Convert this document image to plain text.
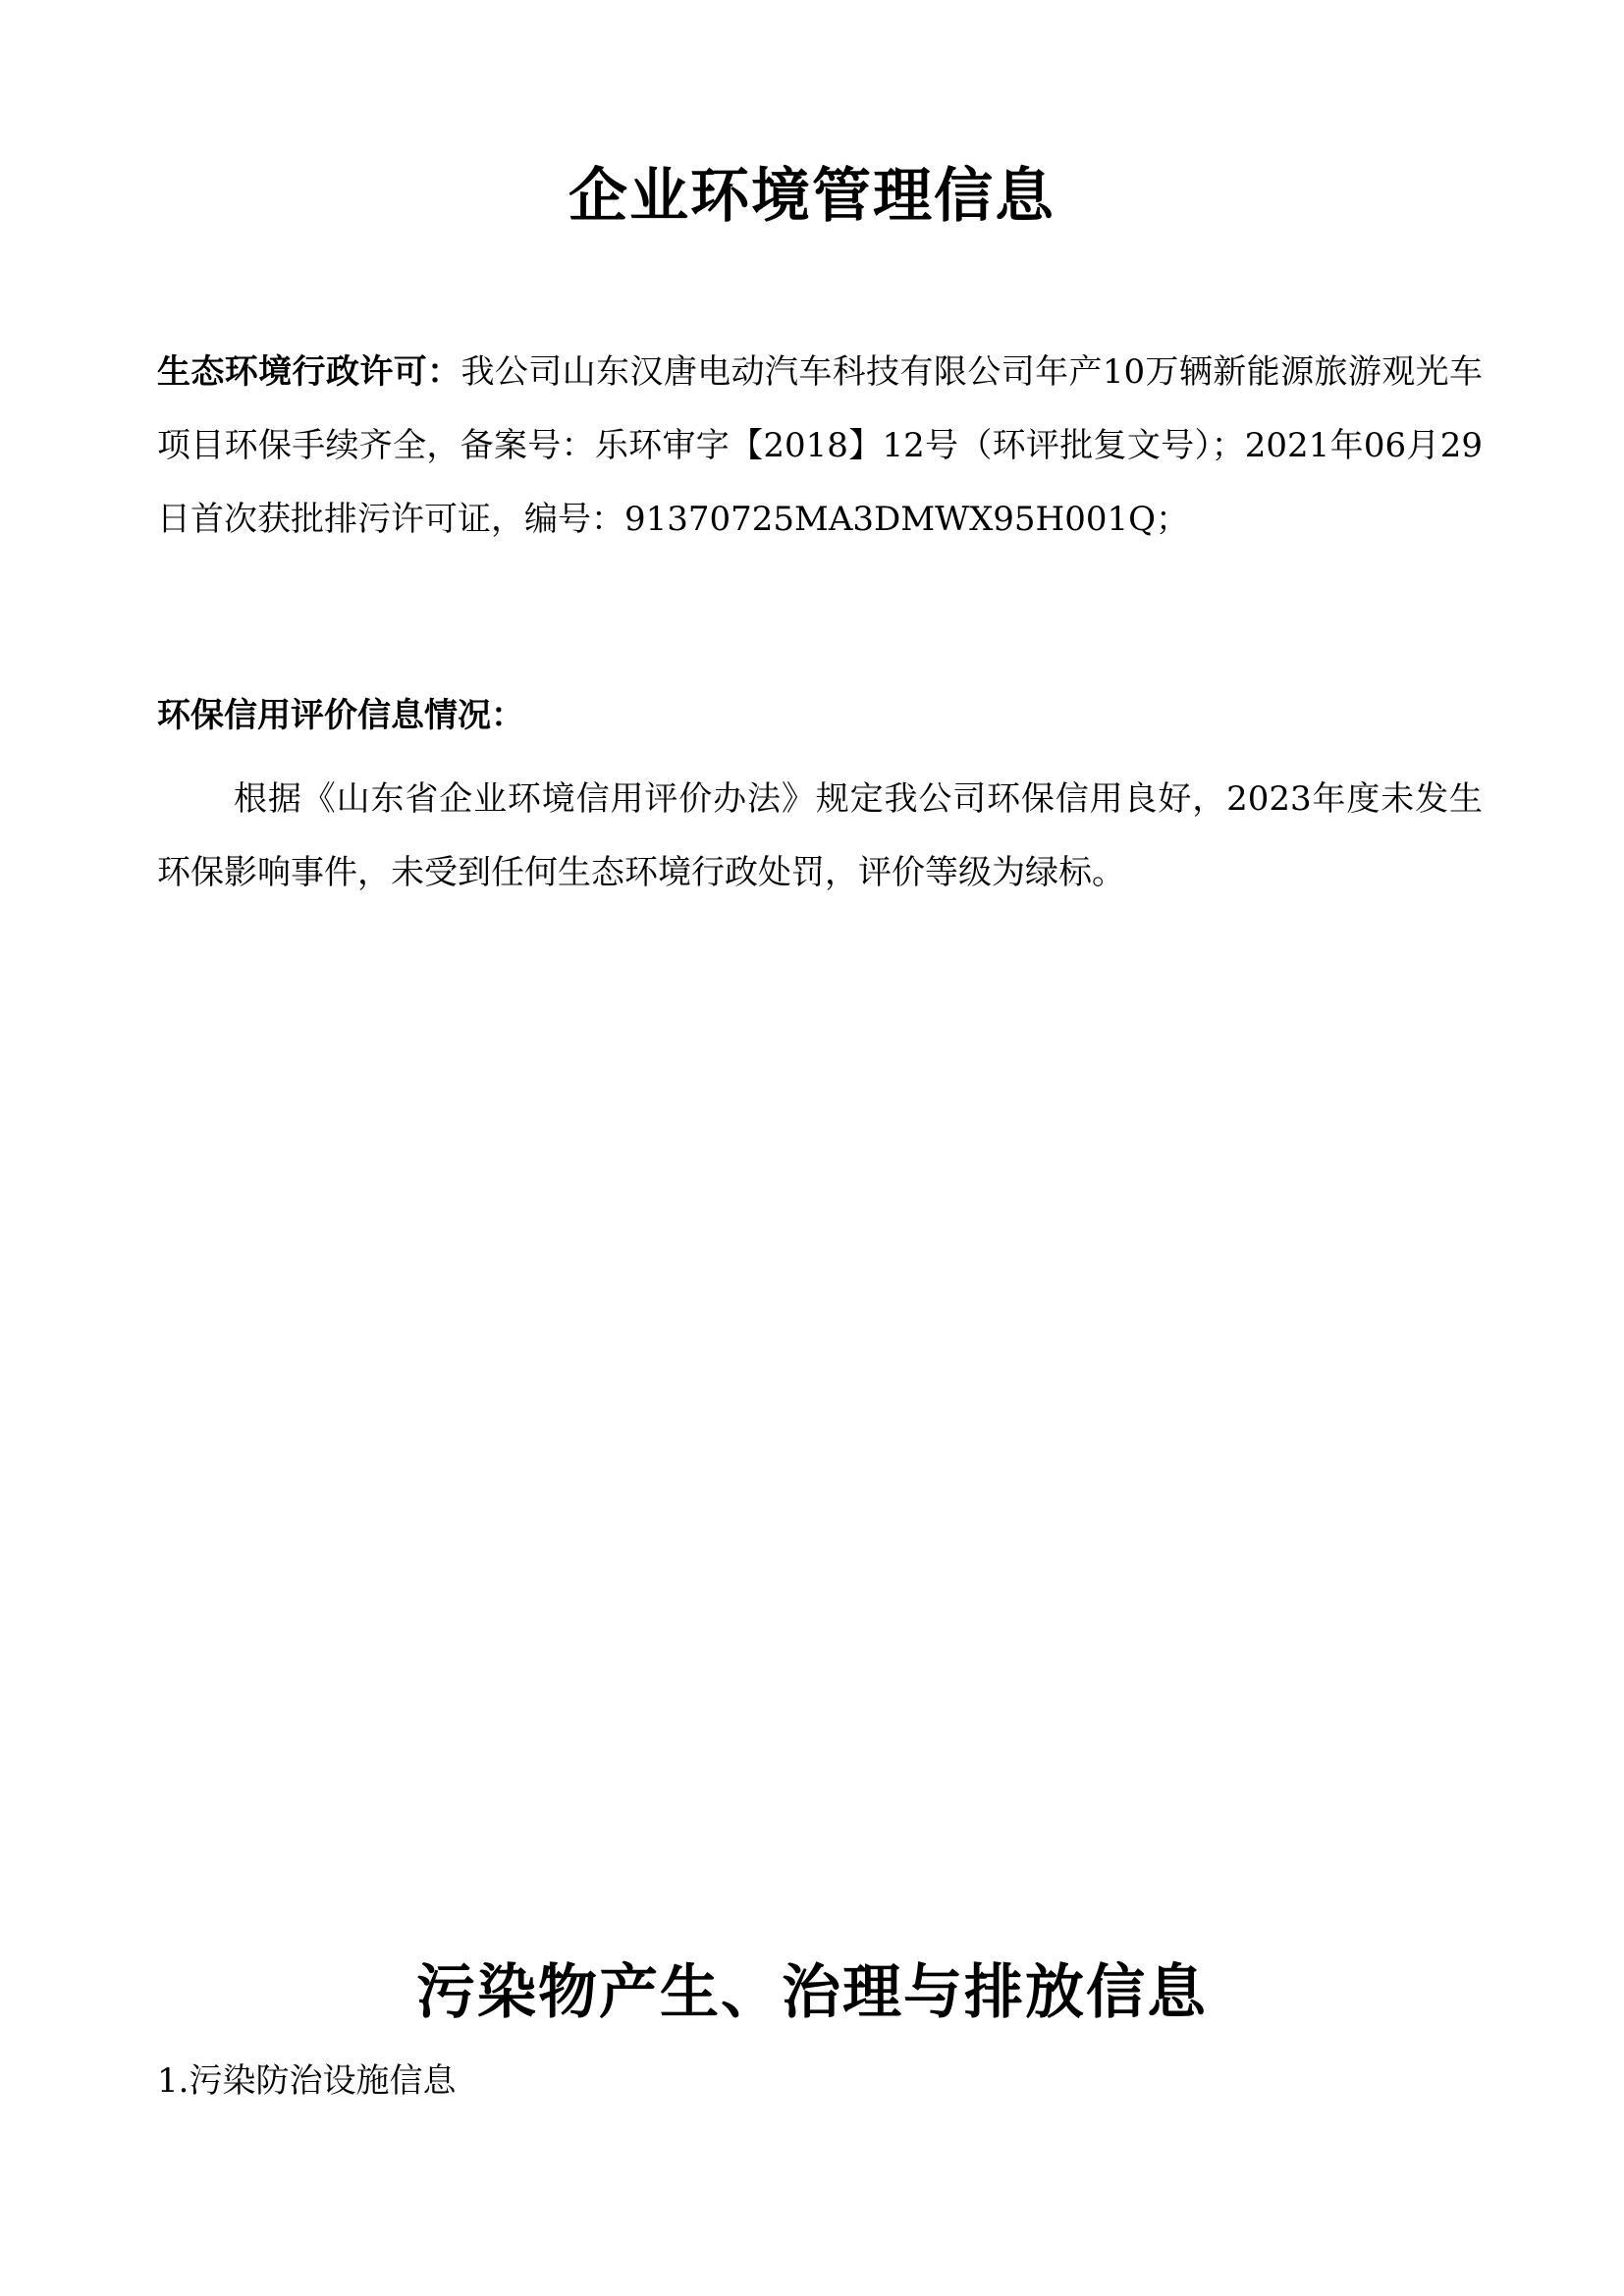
企业环境管理信息
生态环境行政许可：我公司山东汉唐电动汽车科技有限公司年产10万辆新能源旅游观光车项目环保手续齐全，备案号：乐环审字【2018】12号（环评批复文号）；2021年06月29日首次获批排污许可证，编号：91370725MA3DMWX95H001Q；
环保信用评价信息情况：
根据《山东省企业环境信用评价办法》规定我公司环保信用良好，2023年度未发生环保影响事件，未受到任何生态环境行政处罚，评价等级为绿标。
污染物产生、治理与排放信息
1.污染防治设施信息
